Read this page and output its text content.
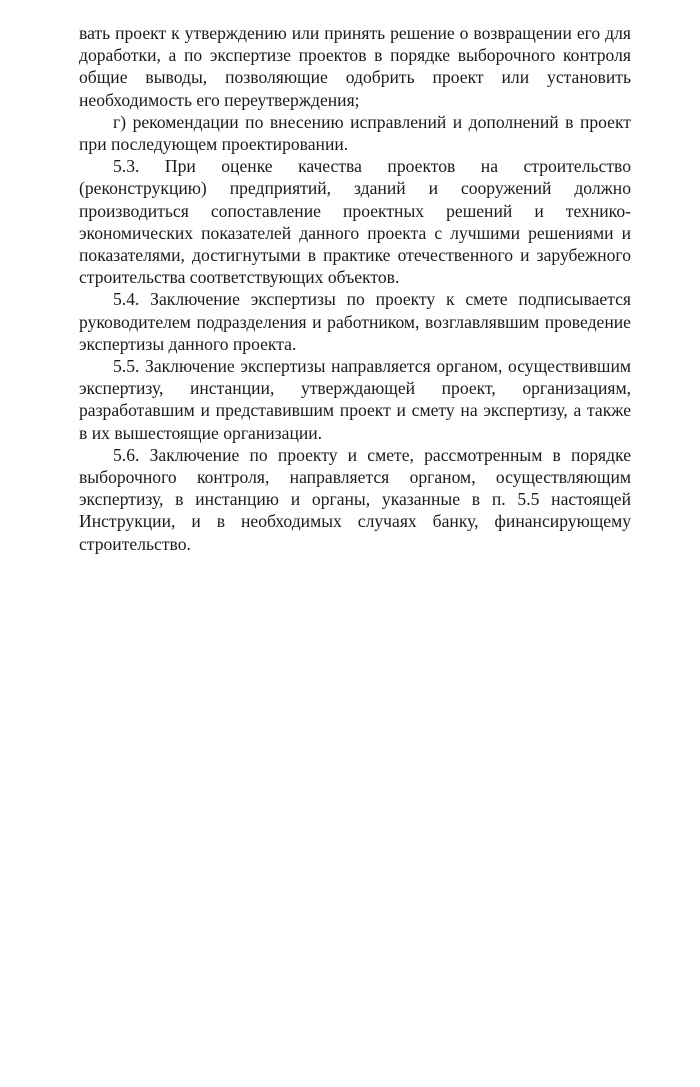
вать проект к утверждению или принять решение о возвращении его для доработки, а по экспертизе проектов в порядке выборочного контроля общие выводы, позволяющие одобрить проект или установить необходимость его переутверждения;

г) рекомендации по внесению исправлений и дополнений в проект при последующем проектировании.

5.3. При оценке качества проектов на строительство (реконструкцию) предприятий, зданий и сооружений должно производиться сопоставление проектных решений и технико-экономических показателей данного проекта с лучшими решениями и показателями, достигнутыми в практике отечественного и зарубежного строительства соответствующих объектов.

5.4. Заключение экспертизы по проекту к смете подписывается руководителем подразделения и работником, возглавлявшим проведение экспертизы данного проекта.

5.5. Заключение экспертизы направляется органом, осуществившим экспертизу, инстанции, утверждающей проект, организациям, разработавшим и представившим проект и смету на экспертизу, а также в их вышестоящие организации.

5.6. Заключение по проекту и смете, рассмотренным в порядке выборочного контроля, направляется органом, осуществляющим экспертизу, в инстанцию и органы, указанные в п. 5.5 настоящей Инструкции, и в необходимых случаях банку, финансирующему строительство.
